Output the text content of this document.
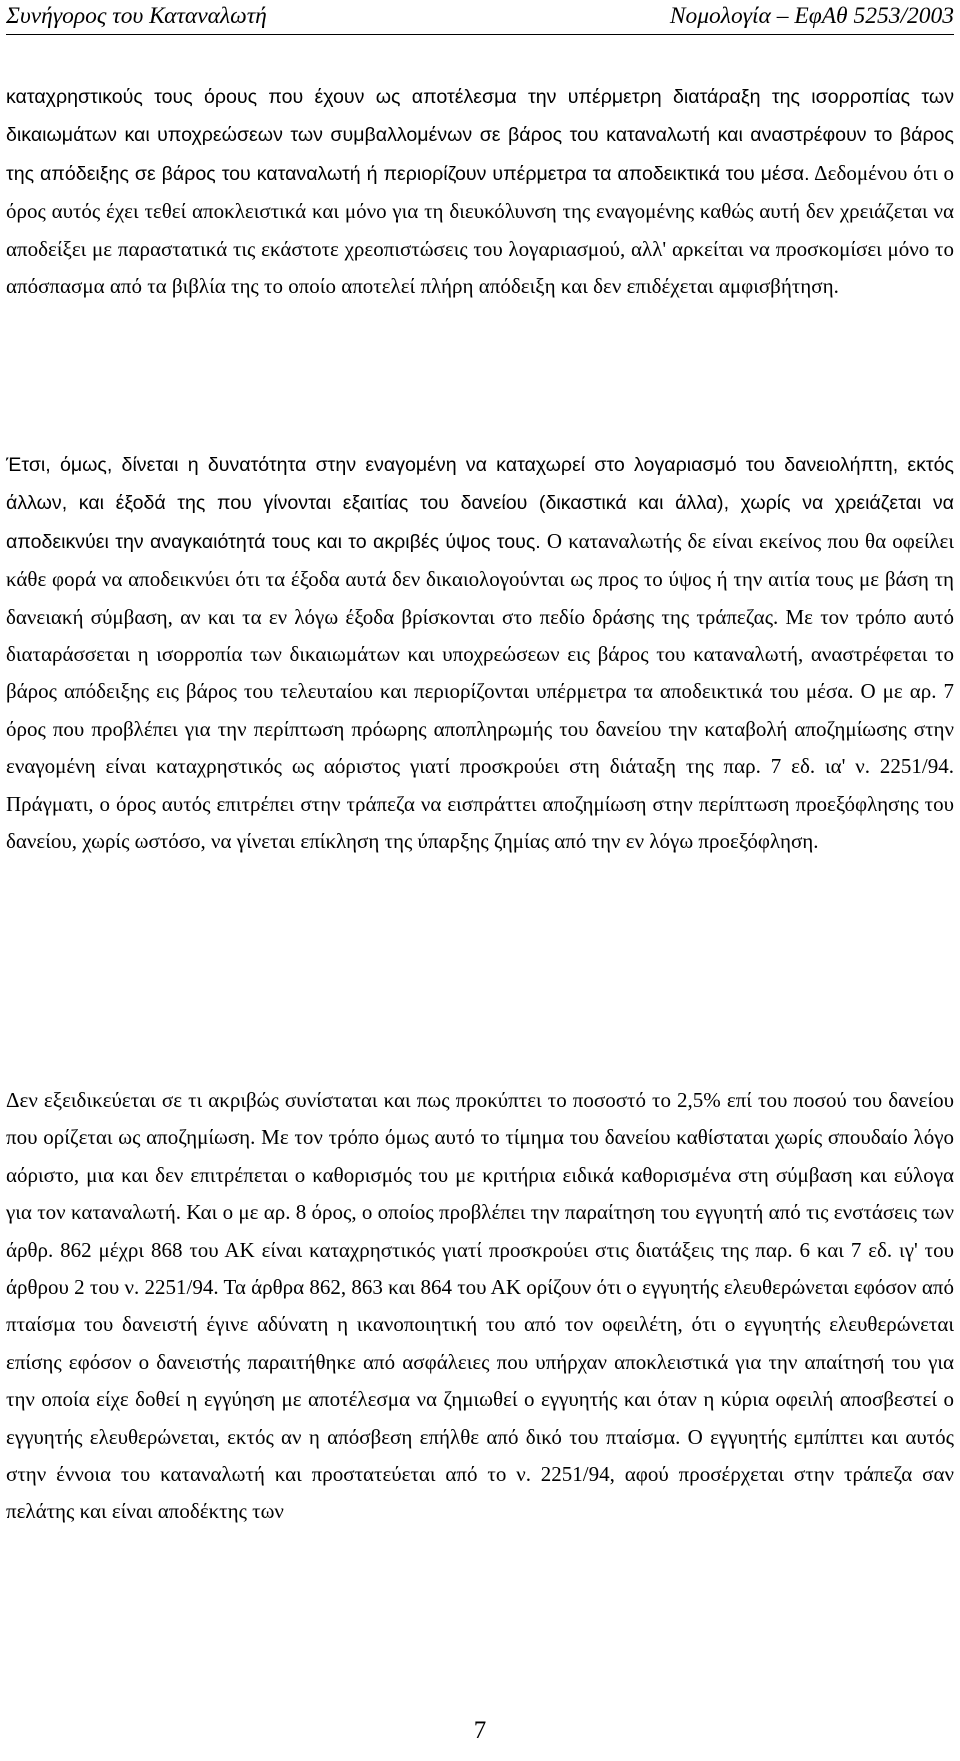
Συνήγορος του Καταναλωτή	Νομολογία – ΕφΑθ 5253/2003

καταχρηστικούς τους όρους που έχουν ως αποτέλεσμα την υπέρμετρη διατάραξη της ισορροπίας των δικαιωμάτων και υποχρεώσεων των συμβαλλομένων σε βάρος του καταναλωτή και αναστρέφουν το βάρος της απόδειξης σε βάρος του καταναλωτή ή περιορίζουν υπέρμετρα τα αποδεικτικά του μέσα. Δεδομένου ότι ο όρος αυτός έχει τεθεί αποκλειστικά και μόνο για τη διευκόλυνση της εναγομένης καθώς αυτή δεν χρειάζεται να αποδείξει με παραστατικά τις εκάστοτε χρεοπιστώσεις του λογαριασμού, αλλ' αρκείται να προσκομίσει μόνο το απόσπασμα από τα βιβλία της το οποίο αποτελεί πλήρη απόδειξη και δεν επιδέχεται αμφισβήτηση.

Έτσι, όμως, δίνεται η δυνατότητα στην εναγομένη να καταχωρεί στο λογαριασμό του δανειολήπτη, εκτός άλλων, και έξοδά της που γίνονται εξαιτίας του δανείου (δικαστικά και άλλα), χωρίς να χρειάζεται να αποδεικνύει την αναγκαιότητά τους και το ακριβές ύψος τους. Ο καταναλωτής δε είναι εκείνος που θα οφείλει κάθε φορά να αποδεικνύει ότι τα έξοδα αυτά δεν δικαιολογούνται ως προς το ύψος ή την αιτία τους με βάση τη δανειακή σύμβαση, αν και τα εν λόγω έξοδα βρίσκονται στο πεδίο δράσης της τράπεζας. Με τον τρόπο αυτό διαταράσσεται η ισορροπία των δικαιωμάτων και υποχρεώσεων εις βάρος του καταναλωτή, αναστρέφεται το βάρος απόδειξης εις βάρος του τελευταίου και περιορίζονται υπέρμετρα τα αποδεικτικά του μέσα. Ο με αρ. 7 όρος που προβλέπει για την περίπτωση πρόωρης αποπληρωμής του δανείου την καταβολή αποζημίωσης στην εναγομένη είναι καταχρηστικός ως αόριστος γιατί προσκρούει στη διάταξη της παρ. 7 εδ. ια' ν. 2251/94. Πράγματι, ο όρος αυτός επιτρέπει στην τράπεζα να εισπράττει αποζημίωση στην περίπτωση προεξόφλησης του δανείου, χωρίς ωστόσο, να γίνεται επίκληση της ύπαρξης ζημίας από την εν λόγω προεξόφληση.

Δεν εξειδικεύεται σε τι ακριβώς συνίσταται και πως προκύπτει το ποσοστό το 2,5% επί του ποσού του δανείου που ορίζεται ως αποζημίωση. Με τον τρόπο όμως αυτό το τίμημα του δανείου καθίσταται χωρίς σπουδαίο λόγο αόριστο, μια και δεν επιτρέπεται ο καθορισμός του με κριτήρια ειδικά καθορισμένα στη σύμβαση και εύλογα για τον καταναλωτή. Και ο με αρ. 8 όρος, ο οποίος προβλέπει την παραίτηση του εγγυητή από τις ενστάσεις των άρθρ. 862 μέχρι 868 του ΑΚ είναι καταχρηστικός γιατί προσκρούει στις διατάξεις της παρ. 6 και 7 εδ. ιγ' του άρθρου 2 του ν. 2251/94. Τα άρθρα 862, 863 και 864 του ΑΚ ορίζουν ότι ο εγγυητής ελευθερώνεται εφόσον από πταίσμα του δανειστή έγινε αδύνατη η ικανοποιητική του από τον οφειλέτη, ότι ο εγγυητής ελευθερώνεται επίσης εφόσον ο δανειστής παραιτήθηκε από ασφάλειες που υπήρχαν αποκλειστικά για την απαίτησή του για την οποία είχε δοθεί η εγγύηση με αποτέλεσμα να ζημιωθεί ο εγγυητής και όταν η κύρια οφειλή αποσβεστεί ο εγγυητής ελευθερώνεται, εκτός αν η απόσβεση επήλθε από δικό του πταίσμα. Ο εγγυητής εμπίπτει και αυτός στην έννοια του καταναλωτή και προστατεύεται από το ν. 2251/94, αφού προσέρχεται στην τράπεζα σαν πελάτης και είναι αποδέκτης των

7
